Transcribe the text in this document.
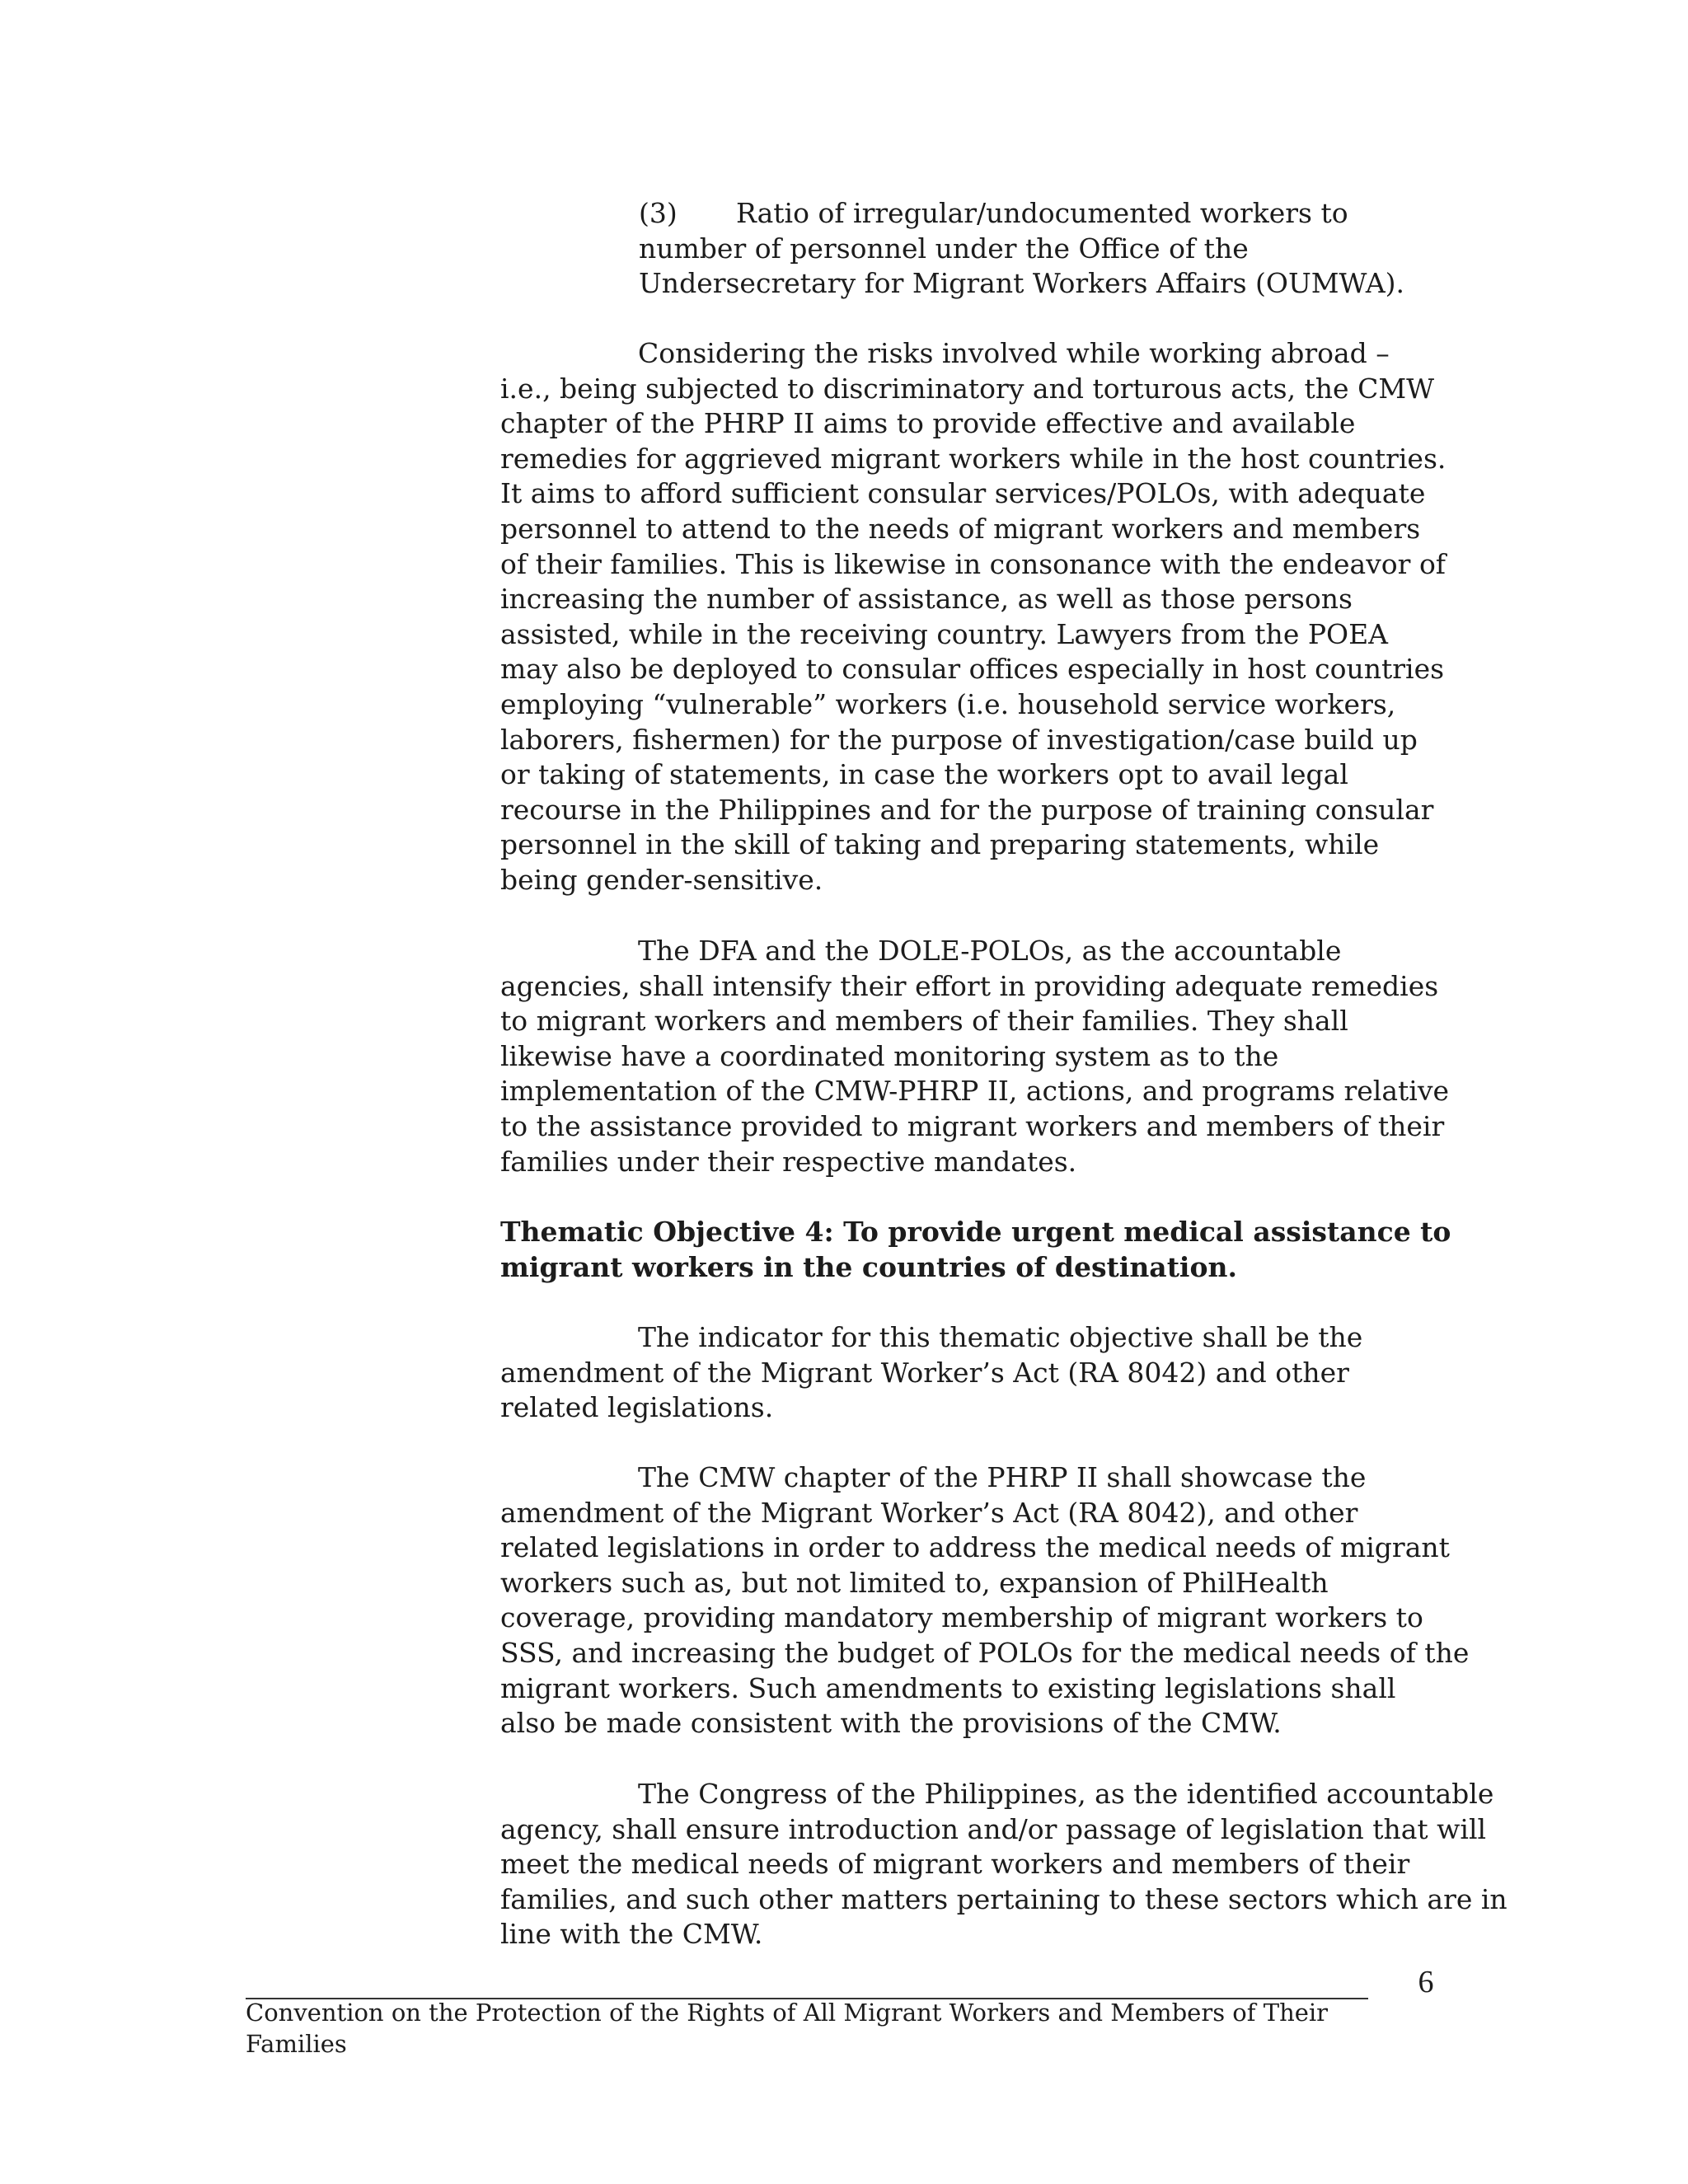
(3) Ratio of irregular/undocumented workers to
number of personnel under the Office of the
Undersecretary for Migrant Workers Affairs (OUMWA).
Considering the risks involved while working abroad –
i.e., being subjected to discriminatory and torturous acts, the CMW
chapter of the PHRP II aims to provide effective and available
remedies for aggrieved migrant workers while in the host countries.
It aims to afford sufficient consular services/POLOs, with adequate
personnel to attend to the needs of migrant workers and members
of their families. This is likewise in consonance with the endeavor of
increasing the number of assistance, as well as those persons
assisted, while in the receiving country. Lawyers from the POEA
may also be deployed to consular offices especially in host countries
employing “vulnerable” workers (i.e. household service workers,
laborers, fishermen) for the purpose of investigation/case build up
or taking of statements, in case the workers opt to avail legal
recourse in the Philippines and for the purpose of training consular
personnel in the skill of taking and preparing statements, while
being gender-sensitive.
The DFA and the DOLE-POLOs, as the accountable
agencies, shall intensify their effort in providing adequate remedies
to migrant workers and members of their families. They shall
likewise have a coordinated monitoring system as to the
implementation of the CMW-PHRP II, actions, and programs relative
to the assistance provided to migrant workers and members of their
families under their respective mandates.
Thematic Objective 4: To provide urgent medical assistance to
migrant workers in the countries of destination.
The indicator for this thematic objective shall be the
amendment of the Migrant Worker’s Act (RA 8042) and other
related legislations.
The CMW chapter of the PHRP II shall showcase the
amendment of the Migrant Worker’s Act (RA 8042), and other
related legislations in order to address the medical needs of migrant
workers such as, but not limited to, expansion of PhilHealth
coverage, providing mandatory membership of migrant workers to
SSS, and increasing the budget of POLOs for the medical needs of the
migrant workers. Such amendments to existing legislations shall
also be made consistent with the provisions of the CMW.
The Congress of the Philippines, as the identified accountable
agency, shall ensure introduction and/or passage of legislation that will
meet the medical needs of migrant workers and members of their
families, and such other matters pertaining to these sectors which are in
line with the CMW.
6
Convention on the Protection of the Rights of All Migrant Workers and Members of Their
Families
